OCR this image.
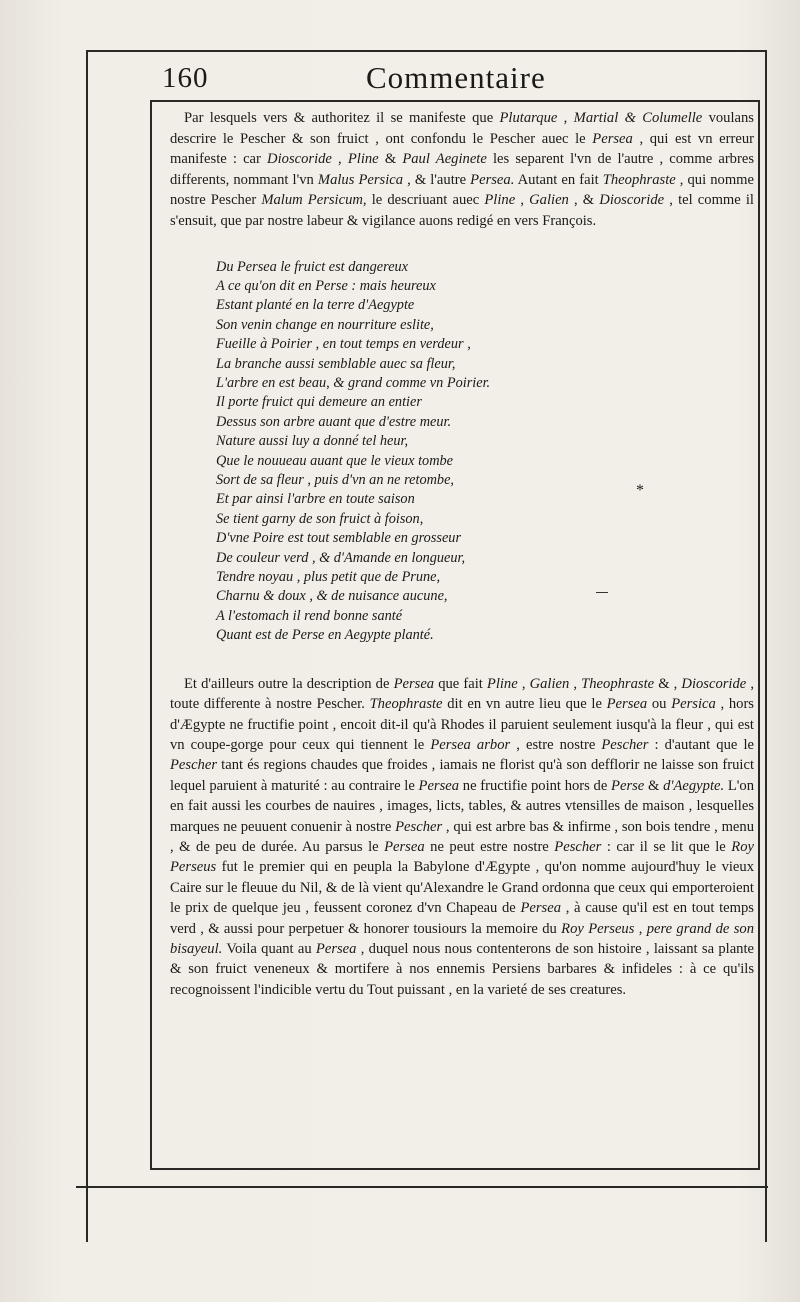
160	Commentaire

Par lesquels vers & authoritez il se manifeste que Plutarque , Martial & Columelle voulans descrire le Pescher & son fruict , ont confondu le Pescher auec le Persea , qui est vn erreur manifeste : car Dioscoride , Pline & Paul Aeginete les separent l'vn de l'autre , comme arbres differents, nommant l'vn Malus Persica , & l'autre Persea. Autant en fait Theophraste , qui nomme nostre Pescher Malum Persicum, le descriuant auec Pline , Galien , & Dioscoride , tel comme il s'ensuit, que par nostre labeur & vigilance auons redigé en vers François.

Du Persea le fruict est dangereux
A ce qu'on dit en Perse : mais heureux
Estant planté en la terre d'Aegypte
Son venin change en nourriture eslite,
Fueille à Poirier , en tout temps en verdeur ,
La branche aussi semblable auec sa fleur,
L'arbre en est beau, & grand comme vn Poirier.
Il porte fruict qui demeure an entier
Dessus son arbre auant que d'estre meur.
Nature aussi luy a donné tel heur,
Que le nouueau auant que le vieux tombe
Sort de sa fleur , puis d'vn an ne retombe,
Et par ainsi l'arbre en toute saison
Se tient garny de son fruict à foison,
D'vne Poire est tout semblable en grosseur
De couleur verd , & d'Amande en longueur,
Tendre noyau , plus petit que de Prune,
Charnu & doux , & de nuisance aucune,
A l'estomach il rend bonne santé
Quant est de Perse en Aegypte planté.

Et d'ailleurs outre la description de Persea que fait Pline , Galien , Theophraste & , Dioscoride , toute differente à nostre Pescher. Theophraste dit en vn autre lieu que le Persea ou Persica , hors d'Ægypte ne fructifie point , encoit dit-il qu'à Rhodes il paruient seulement iusqu'à la fleur , qui est vn coupe-gorge pour ceux qui tiennent le Persea arbor , estre nostre Pescher : d'autant que le Pescher tant és regions chaudes que froides , iamais ne florist qu'à son defflorir ne laisse son fruict lequel paruient à maturité : au contraire le Persea ne fructifie point hors de Perse & d'Aegypte. L'on en fait aussi les courbes de nauires , images, licts, tables, & autres vtensilles de maison , lesquelles marques ne peuuent conuenir à nostre Pescher , qui est arbre bas & infirme , son bois tendre , menu , & de peu de durée. Au parsus le Persea ne peut estre nostre Pescher : car il se lit que le Roy Perseus fut le premier qui en peupla la Babylone d'Ægypte , qu'on nomme aujourd'huy le vieux Caire sur le fleuue du Nil, & de là vient qu'Alexandre le Grand ordonna que ceux qui emporteroient le prix de quelque jeu , feussent coronez d'vn Chapeau de Persea , à cause qu'il est en tout temps verd , & aussi pour perpetuer & honorer tousiours la memoire du Roy Perseus , pere grand de son bisayeul. Voila quant au Persea , duquel nous nous contenterons de son histoire , laissant sa plante & son fruict veneneux & mortifere à nos ennemis Persiens barbares & infideles : à ce qu'ils recognoissent l'indicible vertu du Tout puissant , en la varieté de ses creatures.

*
